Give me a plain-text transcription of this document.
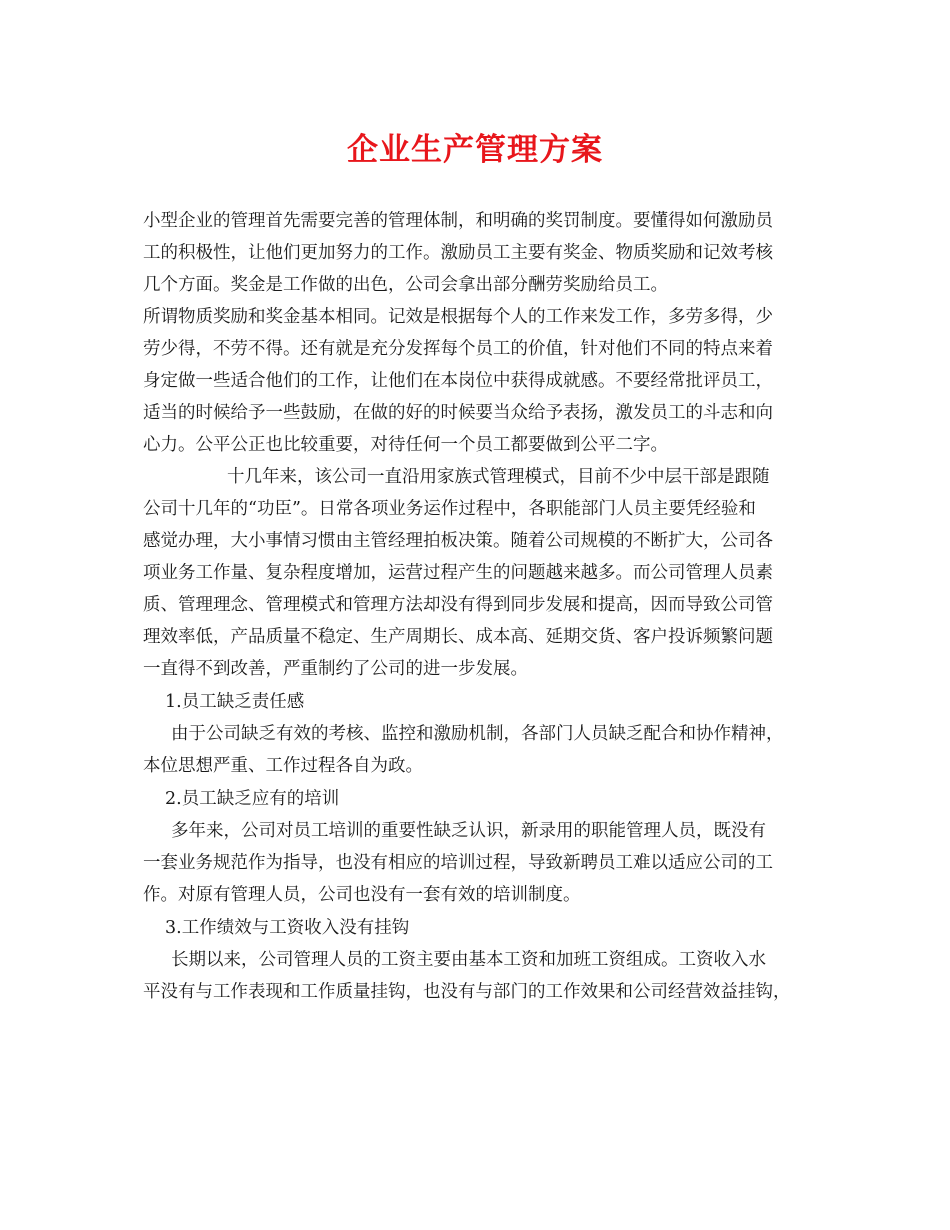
企业生产管理方案

小型企业的管理首先需要完善的管理体制，和明确的奖罚制度。要懂得如何激励员

工的积极性，让他们更加努力的工作。激励员工主要有奖金、物质奖励和记效考核

几个方面。奖金是工作做的出色，公司会拿出部分酬劳奖励给员工。

所谓物质奖励和奖金基本相同。记效是根据每个人的工作来发工作，多劳多得，少

劳少得，不劳不得。还有就是充分发挥每个员工的价值，针对他们不同的特点来着

身定做一些适合他们的工作，让他们在本岗位中获得成就感。不要经常批评员工，

适当的时候给予一些鼓励，在做的好的时候要当众给予表扬，激发员工的斗志和向

心力。公平公正也比较重要，对待任何一个员工都要做到公平二字。

十几年来，该公司一直沿用家族式管理模式，目前不少中层干部是跟随

公司十几年的“功臣”。日常各项业务运作过程中，各职能部门人员主要凭经验和

感觉办理，大小事情习惯由主管经理拍板决策。随着公司规模的不断扩大，公司各

项业务工作量、复杂程度增加，运营过程产生的问题越来越多。而公司管理人员素

质、管理理念、管理模式和管理方法却没有得到同步发展和提高，因而导致公司管

理效率低，产品质量不稳定、生产周期长、成本高、延期交货、客户投诉频繁问题

一直得不到改善，严重制约了公司的进一步发展。

1.员工缺乏责任感

由于公司缺乏有效的考核、监控和激励机制，各部门人员缺乏配合和协作精神，

本位思想严重、工作过程各自为政。

2.员工缺乏应有的培训

多年来，公司对员工培训的重要性缺乏认识，新录用的职能管理人员，既没有

一套业务规范作为指导，也没有相应的培训过程，导致新聘员工难以适应公司的工

作。对原有管理人员，公司也没有一套有效的培训制度。

3.工作绩效与工资收入没有挂钩

长期以来，公司管理人员的工资主要由基本工资和加班工资组成。工资收入水

平没有与工作表现和工作质量挂钩，也没有与部门的工作效果和公司经营效益挂钩，
